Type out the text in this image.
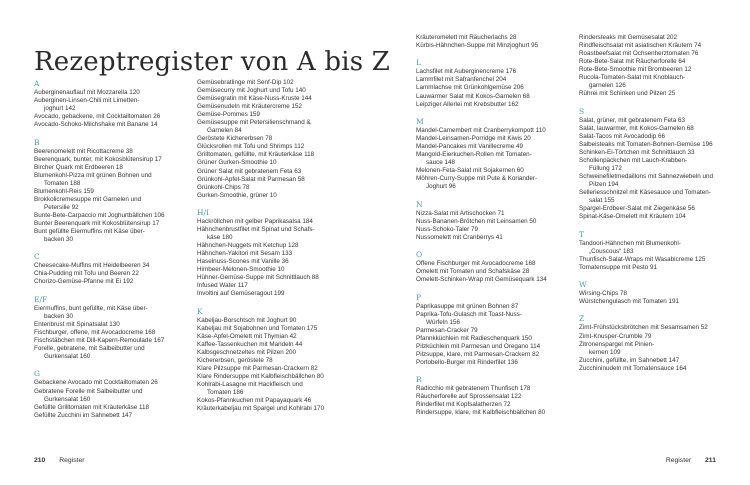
Rezeptregister von A bis Z
A
Auberginenauflauf mit Mozzarella 120
Auberginen-Linsen-Chili mit Limetten-
joghurt 142
Avocado, gebackene, mit Cocktailtomaten 26
Avocado-Schoko-Milchshake mit Banane 14
B
Beerenomelett mit Ricottacreme 38
Beerenquark, bunter, mit Kokosblütensirup 17
Bircher Quark mit Erdbeeren 18
Blumenkohl-Pizza mit grünen Bohnen und
Tomaten 188
Blumenkohl-Reis 159
Brokkolicremesuppe mit Garnelen und
Petersilie 92
Bunte-Bete-Carpaccio mit Joghurtbällchen 106
Bunter Beerenquark mit Kokosblütensirup 17
Bunt gefüllte Eiermuffins mit Käse über-
backen 30
C
Cheesecake-Muffins mit Heidelbeeren 34
Chia-Pudding mit Tofu und Beeren 22
Chorizo-Gemüse-Pfanne mit Ei 192
E/F
Eiermuffins, bunt gefüllte, mit Käse über-
backen 30
Entenbrust mit Spinatsalat 130
Fischburger, offene, mit Avocadocreme 168
Fischstäbchen mit Dill-Kapern-Remoulade 167
Forelle, gebratene, mit Salbeibutter und
Gurkensalat 160
G
Gebackene Avocado mit Cocktailtomaten 26
Gebratene Forelle mit Salbeibutter und
Gurkensalat 160
Gefüllte Grilltomaten mit Kräuterkäse 118
Gefüllte Zucchini im Sahnebett 147
Gemüsebratlinge mit Senf-Dip 102
Gemüsecurry mit Joghurt und Tofu 140
Gemüsegratin mit Käse-Nuss-Kruste 144
Gemüsenudeln mit Kräutercreme 152
Gemüse-Pommes 159
Gemüsesuppe mit Petersilienschmand &
Garnelen 84
Geröstete Kichererbsen 78
Glücksrollen mit Tofu und Shrimps 112
Grilltomaten, gefüllte, mit Kräuterkäse 118
Grüner Gurken-Smoothie 10
Grüner Salat mit gebratenem Feta 63
Grünkohl-Apfel-Salat mit Parmesan 58
Grünkohl-Chips 78
Gurken-Smoothie, grüner 10
H/I
Hackröllchen mit gelber Paprikasalsa 184
Hähnchenbrustfilet mit Spinat und Schafs-
käse 180
Hähnchen-Nuggets mit Ketchup 128
Hähnchen-Yakitori mit Sesam 133
Haselnuss-Scones mit Vanille 36
Himbeer-Melonen-Smoothie 10
Hühner-Gemüse-Suppe mit Schnittlauch 88
Infused Water 117
Involtini auf Gemüseragout 199
K
Kabeljau-Borschtsch mit Joghurt 90
Kabeljau mit Sojabohnen und Tomaten 175
Käse-Apfel-Omelett mit Thymian 42
Kaffee-Tassenkuchen mit Mandeln 44
Kalbsgeschnetzeltes mit Pilzen 200
Kichererbsen, geröstete 78
Klare Pilzsuppe mit Parmesan-Crackern 82
Klare Rindersuppe mit Kalbfleischbällchen 80
Kohlrabi-Lasagne mit Hackfleisch und
Tomaten 186
Kokos-Pfannkuchen mit Papayaquark 46
Kräuterkabeljau mit Spargel und Kohlrabi 170
Kräuteromelett mit Räucherlachs 28
Kürbis-Hähnchen-Suppe mit Minzjoghurt 95
L
Lachsfilet mit Auberginencreme 176
Lammfilet mit Safranfenchel 204
Lammlachse mit Grünkohlgemüse 206
Lauwarmer Salat mit Kokos-Garnelen 68
Leipziger Allerlei mit Krebsbutter 162
M
Mandel-Camembert mit Cranberrykompott 110
Mandel-Leinsamen-Porridge mit Kiwis 20
Mandel-Pancakes mit Vanillecreme 49
Mangold-Eierkuchen-Rollen mit Tomaten-
sauce 148
Melonen-Feta-Salat mit Sojakernen 60
Möhren-Curry-Suppe mit Pute & Koriander-
Joghurt 96
N
Nizza-Salat mit Artischocken 71
Nuss-Bananen-Brötchen mit Leinsamen 50
Nuss-Schoko-Taler 79
Nussomelett mit Cranberrys 41
O
Offene Fischburger mit Avocadocreme 168
Omelett mit Tomaten und Schafskäse 28
Omelett-Schinken-Wrap mit Gemüsequark 134
P
Paprikasuppe mit grünen Bohnen 87
Paprika-Tofu-Gulasch mit Toast-Nuss-
Würfeln 156
Parmesan-Cracker 79
Pfannkküchlein mit Radieschenquark 150
Pilzküchlein mit Parmesan und Oregano 114
Pilzsuppe, klare, mit Parmesan-Crackern 82
Portobello-Burger mit Rinderfilet 136
R
Radicchio mit gebratenem Thunfisch 178
Räucherforelle auf Sprossensalat 122
Rinderfilet mit Kopfsalatherzen 72
Rindersuppe, klare, mit Kalbfleischbällchen 80
Rindersteaks mit Gemüsesalat 202
Rindfleischsalat mit asiatischen Kräutern 74
Roastbeefsalat mit Ochsenherztomaten 76
Rote-Bete-Salat mit Räucherforelle 64
Rote-Bete-Smoothie mit Brombeeren 12
Rucola-Tomaten-Salat mit Knoblauch-
garnelen 126
Rührei mit Schinken und Pilzen 25
S
Salat, grüner, mit gebratenem Feta 63
Salat, lauwarmer, mit Kokos-Garnelen 68
Salat-Tacos mit Avocadodip 66
Salbeisteaks mit Tomaten-Bohnen-Gemüse 196
Schinken-Ei-Törtchen mit Schnittlauch 33
Schollenpäckchen mit Lauch-Krabben-
Füllung 172
Schweinefiletmedaillons mit Sahnezwiebeln und
Pilzen 194
Selleriesschnitzel mit Käsesauce und Tomaten-
salat 155
Spargel-Erdbeer-Salat mit Ziegenkäse 56
Spinat-Käse-Omelett mit Kräutern 104
T
Tandoori-Hähnchen mit Blumenkohl-
„Couscous“ 183
Thunfisch-Salat-Wraps mit Wasabicreme 125
Tomatensuppe mit Pesto 91
W
Wirsing-Chips 78
Würstchengulasch mit Tomaten 191
Z
Zimt-Frühstücksbrötchen mit Sesamsamen 52
Zimt-Knusper-Crumble 79
Zitronenspargel mit Pinien-
kernen 109
Zucchini, gefüllte, im Sahnebett 147
Zucchininudeln mit Tomatensauce 164
210 Register	Register 211
